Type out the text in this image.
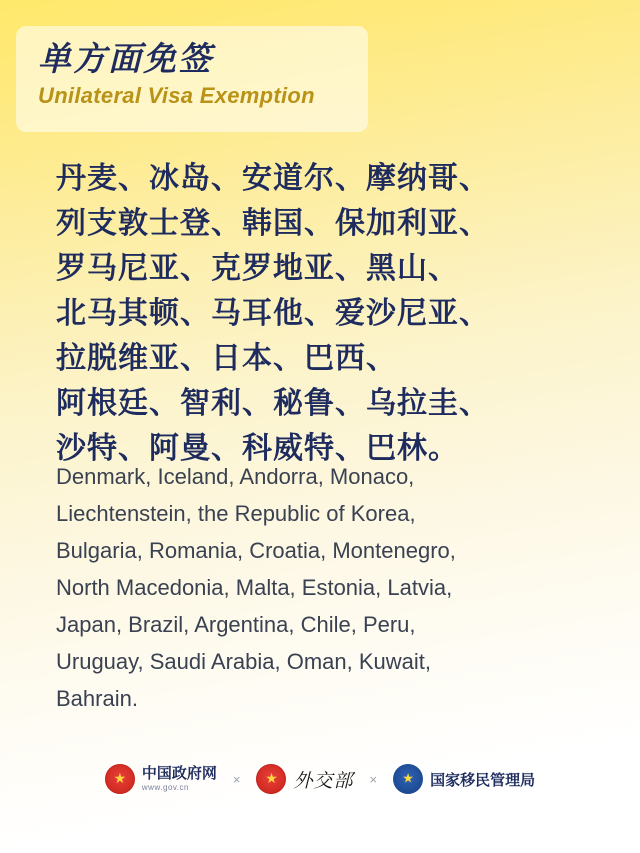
单方面免签
Unilateral Visa Exemption
丹麦、冰岛、安道尔、摩纳哥、
列支敦士登、韩国、保加利亚、
罗马尼亚、克罗地亚、黑山、
北马其顿、马耳他、爱沙尼亚、
拉脱维亚、日本、巴西、
阿根廷、智利、秘鲁、乌拉圭、
沙特、阿曼、科威特、巴林。
Denmark, Iceland, Andorra, Monaco,
Liechtenstein, the Republic of Korea,
Bulgaria, Romania, Croatia, Montenegro,
North Macedonia, Malta, Estonia, Latvia,
Japan, Brazil, Argentina, Chile, Peru,
Uruguay, Saudi Arabia, Oman, Kuwait,
Bahrain.
★ 中国政府网
www.gov.cn
× ★ 外交部 × ★ 国家移民管理局
